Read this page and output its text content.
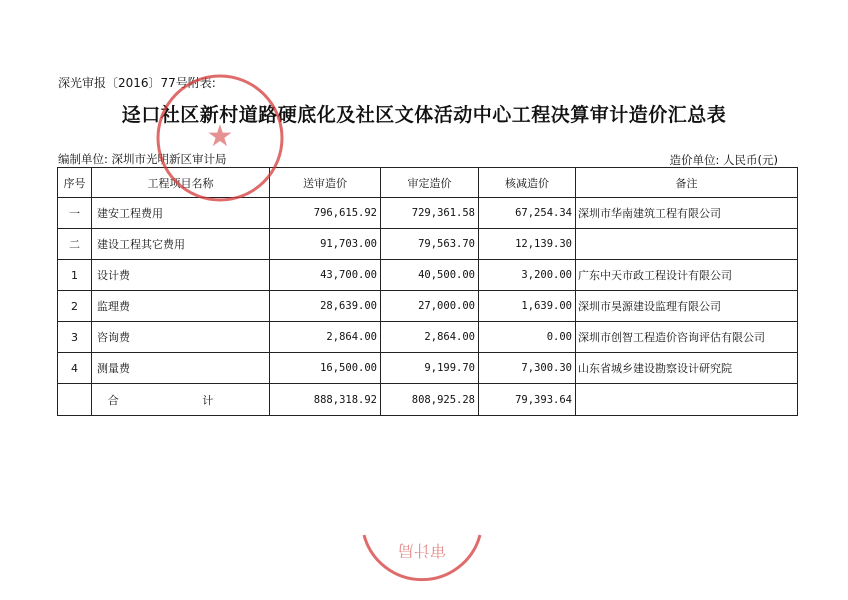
深光审报〔2016〕77号附表:
迳口社区新村道路硬底化及社区文体活动中心工程决算审计造价汇总表
编制单位: 深圳市光明新区审计局	造价单位: 人民币(元)
序号	工程项目名称	送审造价	审定造价	核减造价	备注
一	建安工程费用	796,615.92	729,361.58	67,254.34	深圳市华南建筑工程有限公司
二	建设工程其它费用	91,703.00	79,563.70	12,139.30	
1	设计费	43,700.00	40,500.00	3,200.00	广东中天市政工程设计有限公司
2	监理费	28,639.00	27,000.00	1,639.00	深圳市昊源建设监理有限公司
3	咨询费	2,864.00	2,864.00	0.00	深圳市创智工程造价咨询评估有限公司
4	测量费	16,500.00	9,199.70	7,300.30	山东省城乡建设勘察设计研究院
	合 计	888,318.92	808,925.28	79,393.64	
★
审计局
